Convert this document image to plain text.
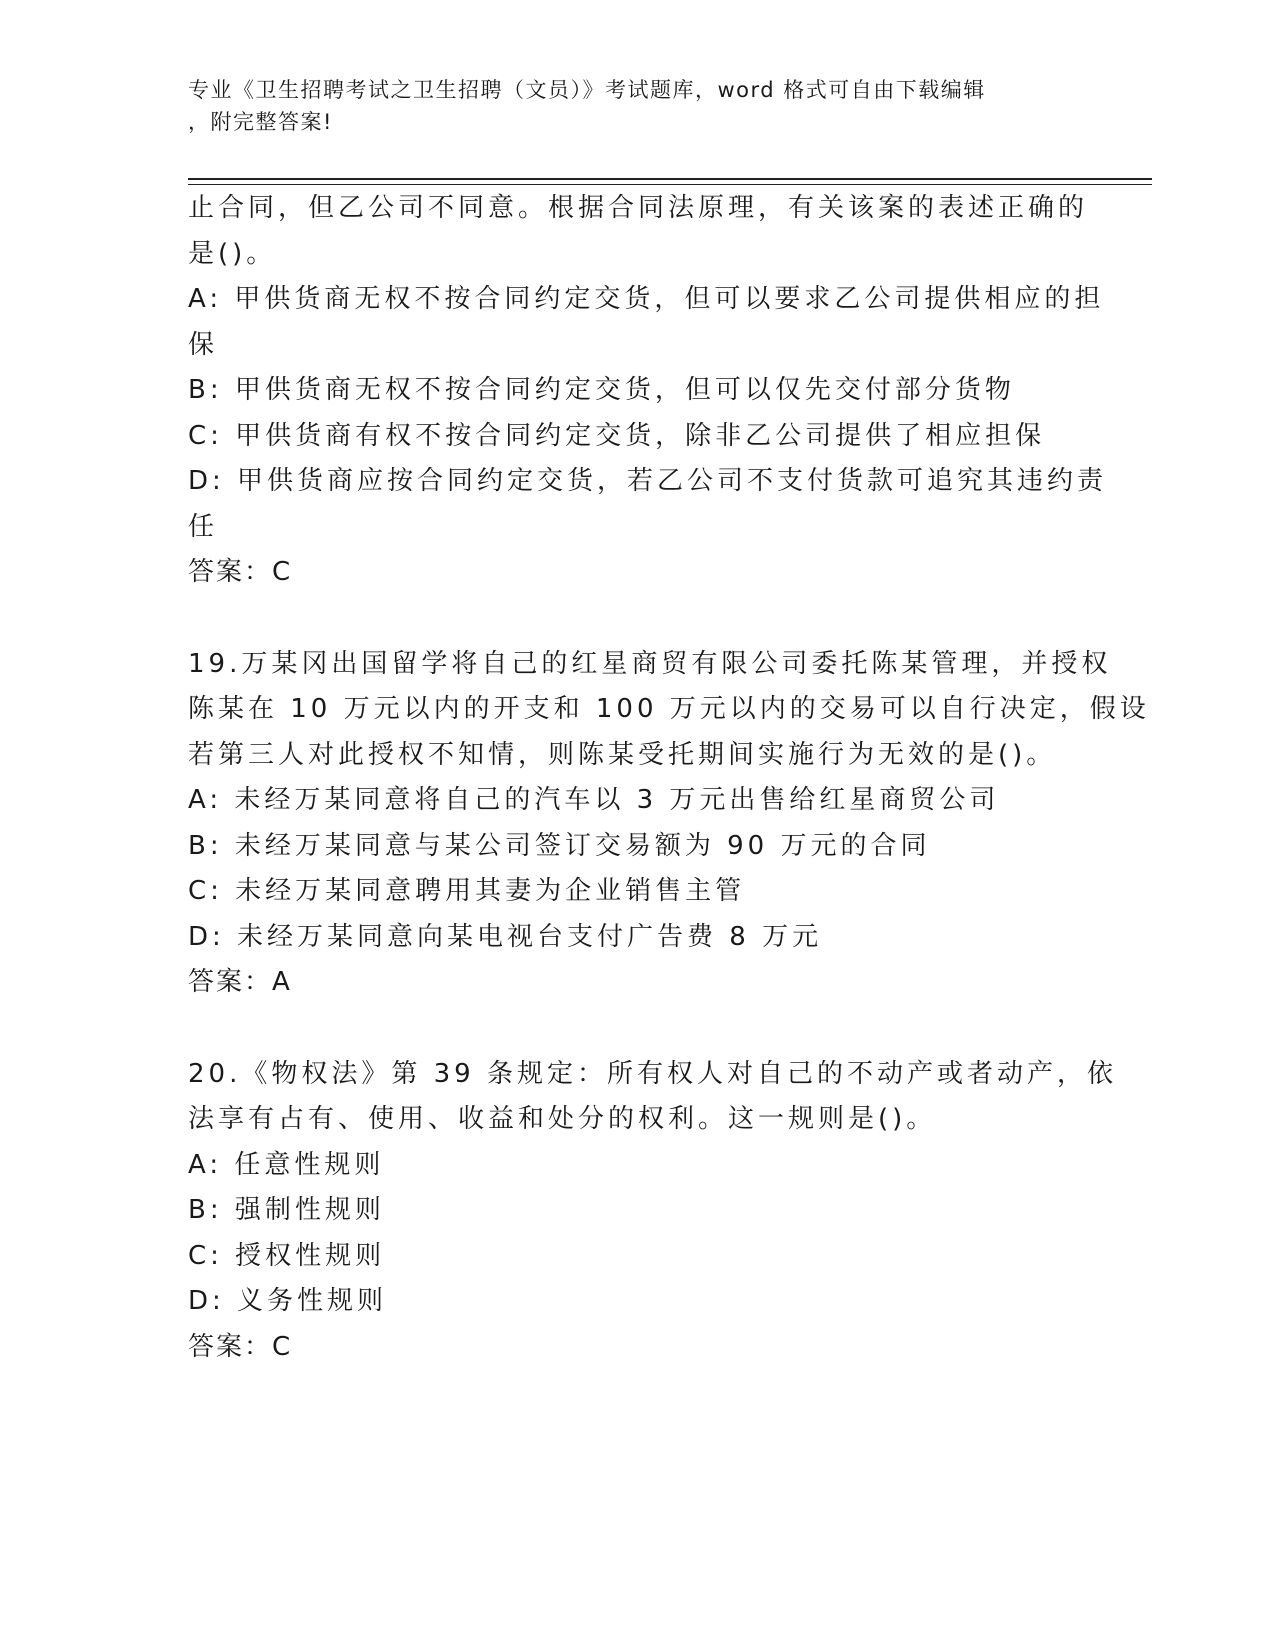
专业《卫生招聘考试之卫生招聘（文员）》考试题库，word 格式可自由下载编辑
，附完整答案!
止合同，但乙公司不同意。根据合同法原理，有关该案的表述正确的
是()。
A: 甲供货商无权不按合同约定交货，但可以要求乙公司提供相应的担
保
B: 甲供货商无权不按合同约定交货，但可以仅先交付部分货物
C: 甲供货商有权不按合同约定交货，除非乙公司提供了相应担保
D: 甲供货商应按合同约定交货，若乙公司不支付货款可追究其违约责
任
答案：C
19.万某冈出国留学将自己的红星商贸有限公司委托陈某管理，并授权
陈某在 10 万元以内的开支和 100 万元以内的交易可以自行决定，假设
若第三人对此授权不知情，则陈某受托期间实施行为无效的是()。
A: 未经万某同意将自己的汽车以 3 万元出售给红星商贸公司
B: 未经万某同意与某公司签订交易额为 90 万元的合同
C: 未经万某同意聘用其妻为企业销售主管
D: 未经万某同意向某电视台支付广告费 8 万元
答案：A
20.《物权法》第 39 条规定：所有权人对自己的不动产或者动产，依
法享有占有、使用、收益和处分的权利。这一规则是()。
A: 任意性规则
B: 强制性规则
C: 授权性规则
D: 义务性规则
答案：C
